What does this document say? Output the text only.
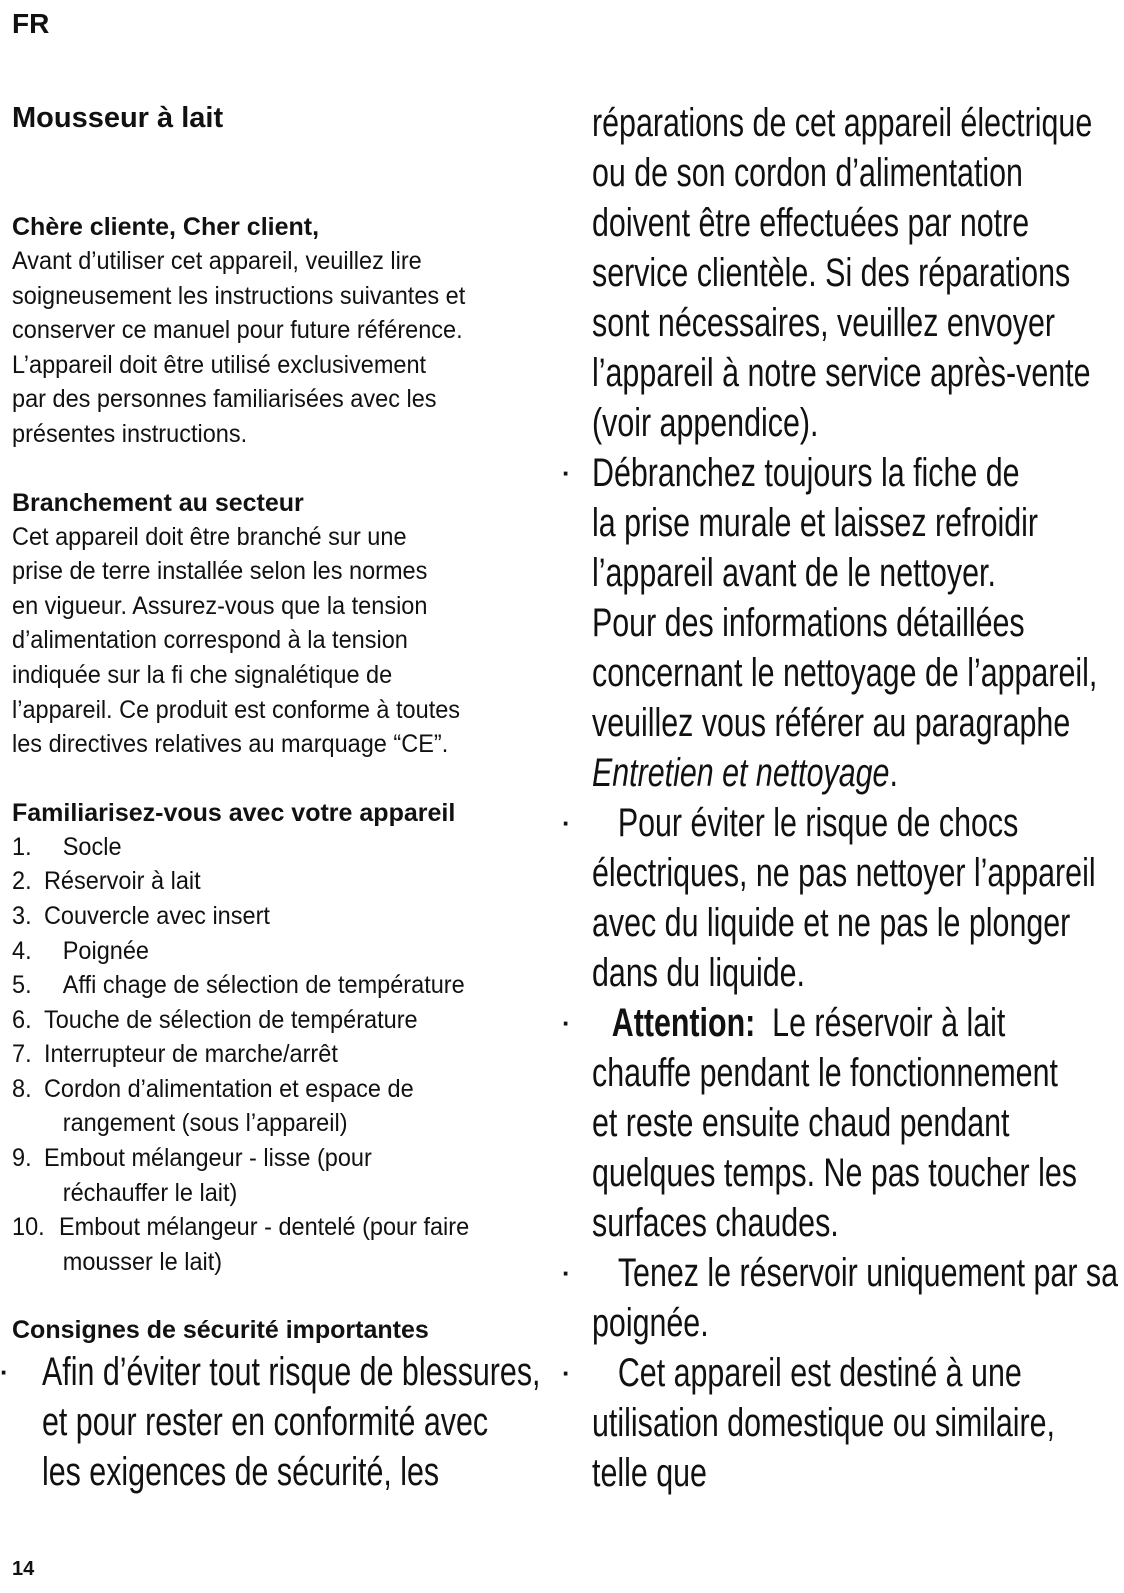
FR
Mousseur à lait
Chère cliente, Cher client,
Avant d’utiliser cet appareil, veuillez lire
soigneusement les instructions suivantes et
conserver ce manuel pour future référence.
L’appareil doit être utilisé exclusivement
par des personnes familiarisées avec les
présentes instructions.
Branchement au secteur
Cet appareil doit être branché sur une
prise de terre installée selon les normes
en vigueur. Assurez-vous que la tension
d’alimentation correspond à la tension
indiquée sur la fi che signalétique de
l’appareil. Ce produit est conforme à toutes
les directives relatives au marquage “CE”.
Familiarisez-vous avec votre appareil
1.	Socle
2. Réservoir à lait
3. Couvercle avec insert
4.	Poignée
5.	Affi chage de sélection de température
6. Touche de sélection de température
7. Interrupteur de marche/arrêt
8. Cordon d’alimentation et espace de
rangement (sous l’appareil)
9. Embout mélangeur - lisse (pour
réchauffer le lait)
10. Embout mélangeur - dentelé (pour faire
mousser le lait)
Consignes de sécurité importantes
· Afin d’éviter tout risque de blessures,
et pour rester en conformité avec
les exigences de sécurité, les
réparations de cet appareil électrique
ou de son cordon d’alimentation
doivent être effectuées par notre
service clientèle. Si des réparations
sont nécessaires, veuillez envoyer
l’appareil à notre service après-vente
(voir appendice).
· Débranchez toujours la fiche de
la prise murale et laissez refroidir
l’appareil avant de le nettoyer.
Pour des informations détaillées
concernant le nettoyage de l’appareil,
veuillez vous référer au paragraphe
Entretien et nettoyage.
·	Pour éviter le risque de chocs
électriques, ne pas nettoyer l’appareil
avec du liquide et ne pas le plonger
dans du liquide.
·	Attention: Le réservoir à lait
chauffe pendant le fonctionnement
et reste ensuite chaud pendant
quelques temps. Ne pas toucher les
surfaces chaudes.
·	Tenez le réservoir uniquement par sa
poignée.
·	Cet appareil est destiné à une
utilisation domestique ou similaire,
telle que
14
